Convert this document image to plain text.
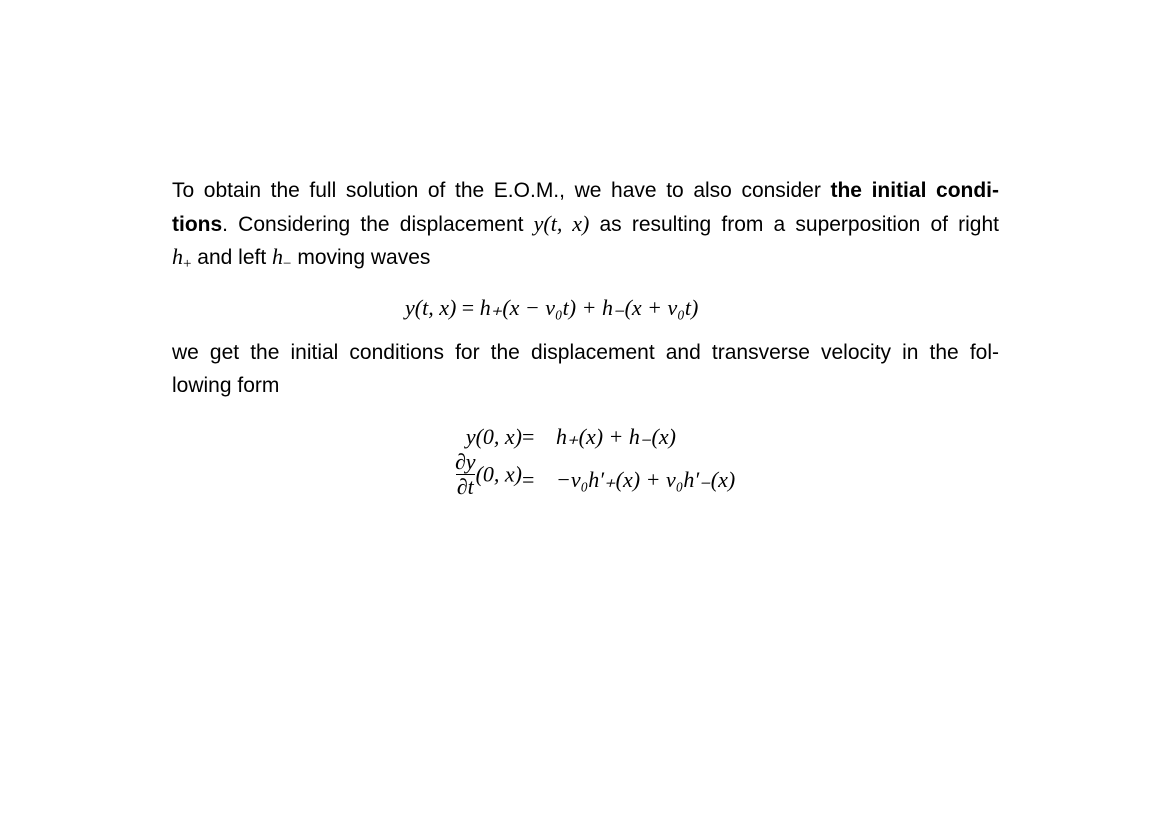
To obtain the full solution of the E.O.M., we have to also consider the initial condi-
tions. Considering the displacement y(t, x) as resulting from a superposition of right
$h_+$ and left $h_-$ moving waves
y(t, x) = h₊(x − v₀t) + h₋(x + v₀t)
we get the initial conditions for the displacement and transverse velocity in the fol-
lowing form
y(0, x) = h₊(x) + h₋(x)
$\frac{\partial y}{\partial t} (0$, x) = −v₀h′₊(x) + v₀h′₋(x)
